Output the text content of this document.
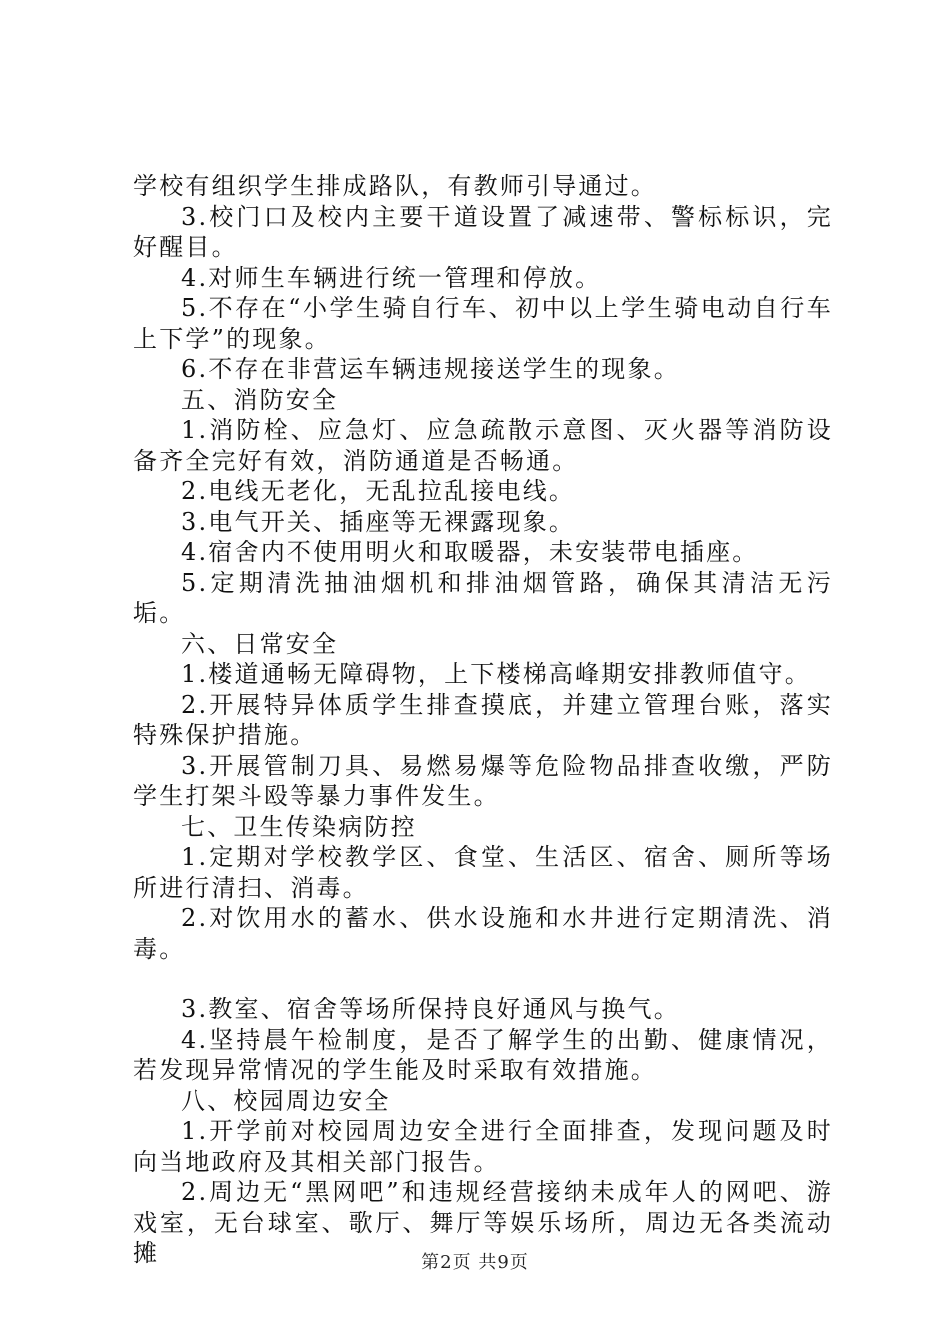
学校有组织学生排成路队，有教师引导通过。

3.校门口及校内主要干道设置了减速带、警标标识，完好醒目。

4.对师生车辆进行统一管理和停放。

5.不存在“小学生骑自行车、初中以上学生骑电动自行车上下学”的现象。

6.不存在非营运车辆违规接送学生的现象。

五、消防安全

1.消防栓、应急灯、应急疏散示意图、灭火器等消防设备齐全完好有效，消防通道是否畅通。

2.电线无老化，无乱拉乱接电线。

3.电气开关、插座等无裸露现象。

4.宿舍内不使用明火和取暖器，未安装带电插座。

5.定期清洗抽油烟机和排油烟管路，确保其清洁无污垢。

六、日常安全

1.楼道通畅无障碍物，上下楼梯高峰期安排教师值守。

2.开展特异体质学生排查摸底，并建立管理台账，落实特殊保护措施。

3.开展管制刀具、易燃易爆等危险物品排查收缴，严防学生打架斗殴等暴力事件发生。

七、卫生传染病防控

1.定期对学校教学区、食堂、生活区、宿舍、厕所等场所进行清扫、消毒。

2.对饮用水的蓄水、供水设施和水井进行定期清洗、消毒。

3.教室、宿舍等场所保持良好通风与换气。

4.坚持晨午检制度，是否了解学生的出勤、健康情况，若发现异常情况的学生能及时采取有效措施。

八、校园周边安全

1.开学前对校园周边安全进行全面排查，发现问题及时向当地政府及其相关部门报告。

2.周边无“黑网吧”和违规经营接纳未成年人的网吧、游戏室，无台球室、歌厅、舞厅等娱乐场所，周边无各类流动摊	第2页 共9页
